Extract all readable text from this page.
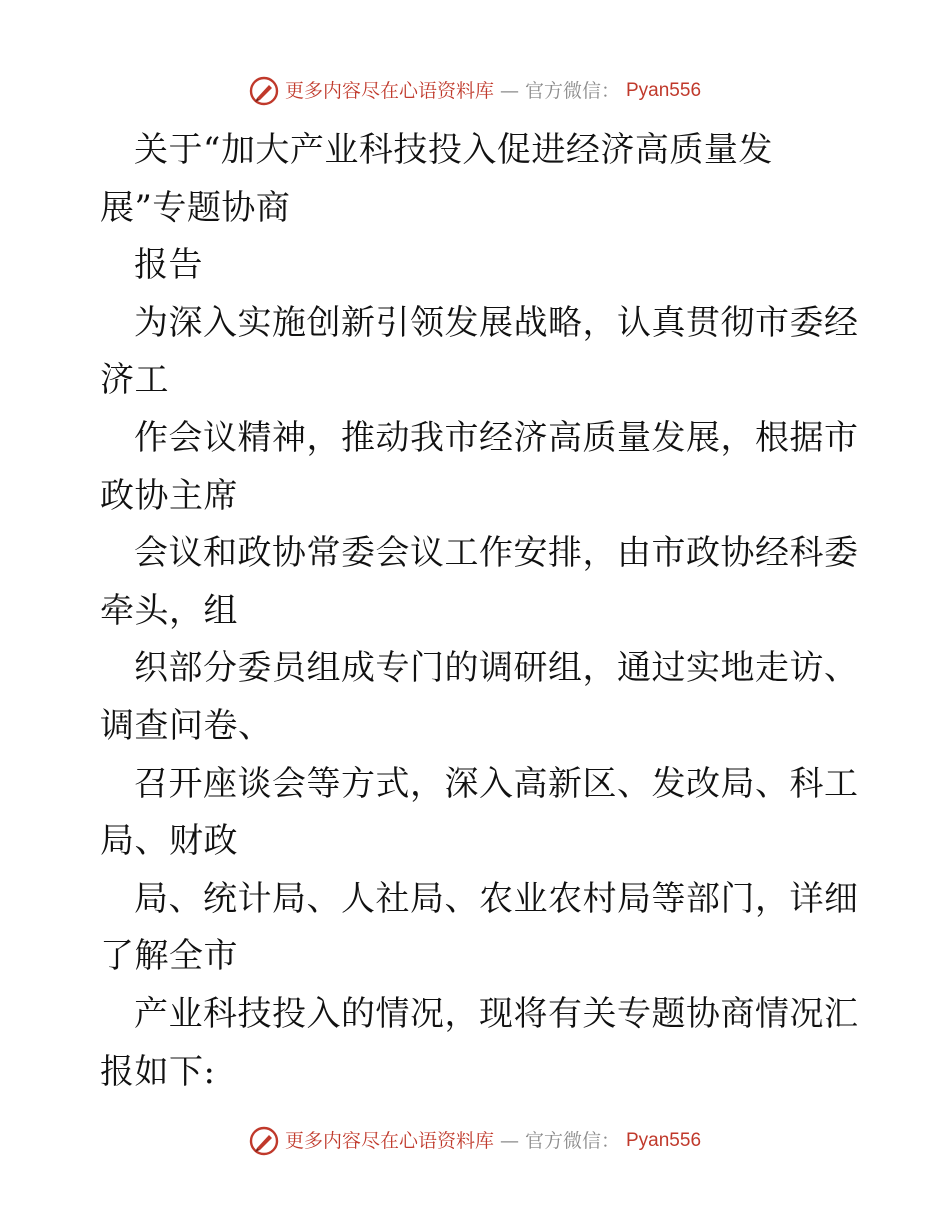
更多内容尽在心语资料库 — 官方微信： Pyan556
关于“加大产业科技投入促进经济高质量发
展”专题协商
报告
为深入实施创新引领发展战略，认真贯彻市委经
济工
作会议精神，推动我市经济高质量发展，根据市
政协主席
会议和政协常委会议工作安排，由市政协经科委
牵头，组
织部分委员组成专门的调研组，通过实地走访、
调查问卷、
召开座谈会等方式，深入高新区、发改局、科工
局、财政
局、统计局、人社局、农业农村局等部门，详细
了解全市
产业科技投入的情况，现将有关专题协商情况汇
报如下:
更多内容尽在心语资料库 — 官方微信： Pyan556
